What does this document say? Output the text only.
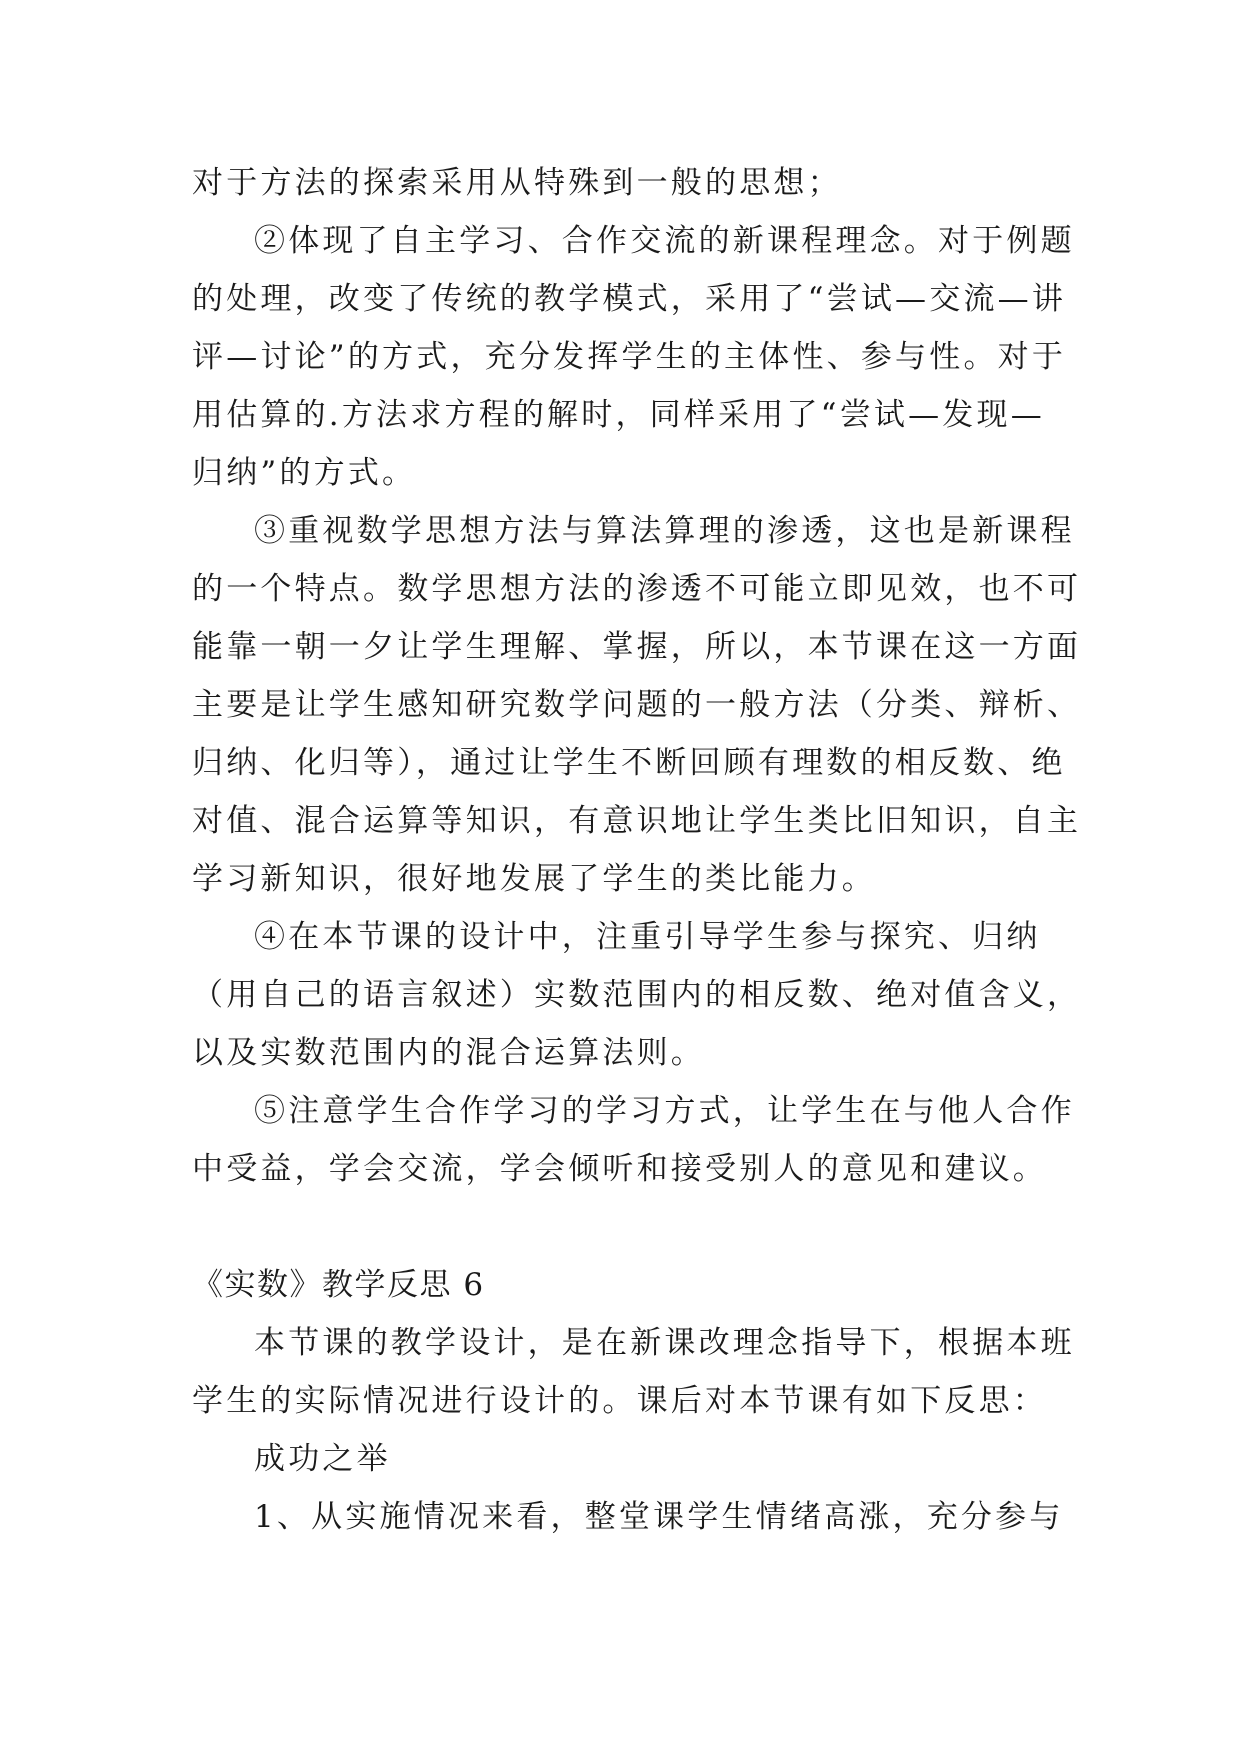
对于方法的探索采用从特殊到一般的思想；
②体现了自主学习、合作交流的新课程理念。对于例题
的处理，改变了传统的教学模式，采用了“尝试—交流—讲
评—讨论”的方式，充分发挥学生的主体性、参与性。对于
用估算的.方法求方程的解时，同样采用了“尝试—发现—
归纳”的方式。
③重视数学思想方法与算法算理的渗透，这也是新课程
的一个特点。数学思想方法的渗透不可能立即见效，也不可
能靠一朝一夕让学生理解、掌握，所以，本节课在这一方面
主要是让学生感知研究数学问题的一般方法（分类、辩析、
归纳、化归等），通过让学生不断回顾有理数的相反数、绝
对值、混合运算等知识，有意识地让学生类比旧知识，自主
学习新知识，很好地发展了学生的类比能力。
④在本节课的设计中，注重引导学生参与探究、归纳
（用自己的语言叙述）实数范围内的相反数、绝对值含义，
以及实数范围内的混合运算法则。
⑤注意学生合作学习的学习方式，让学生在与他人合作
中受益，学会交流，学会倾听和接受别人的意见和建议。
《实数》教学反思 6
本节课的教学设计，是在新课改理念指导下，根据本班
学生的实际情况进行设计的。课后对本节课有如下反思：
成功之举
1、从实施情况来看，整堂课学生情绪高涨，充分参与
